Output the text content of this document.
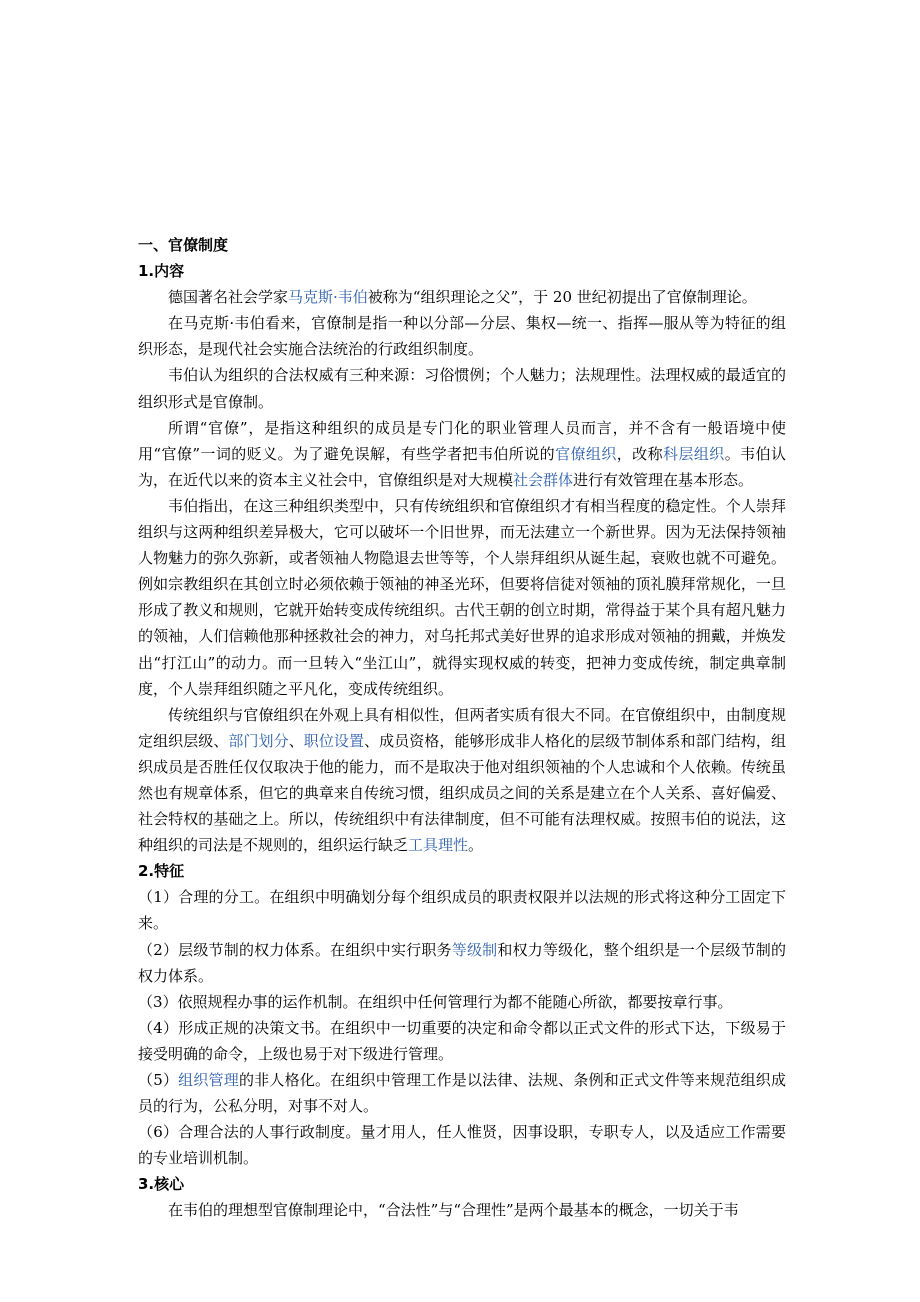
一、官僚制度
1.内容

德国著名社会学家马克斯·韦伯被称为“组织理论之父”，于 20 世纪初提出了官僚制理论。

在马克斯·韦伯看来，官僚制是指一种以分部—分层、集权—统一、指挥—服从等为特征的组织形态，是现代社会实施合法统治的行政组织制度。

韦伯认为组织的合法权威有三种来源：习俗惯例；个人魅力；法规理性。法理权威的最适宜的组织形式是官僚制。

所谓“官僚”，是指这种组织的成员是专门化的职业管理人员而言，并不含有一般语境中使用“官僚”一词的贬义。为了避免误解，有些学者把韦伯所说的官僚组织，改称科层组织。韦伯认为，在近代以来的资本主义社会中，官僚组织是对大规模社会群体进行有效管理在基本形态。

韦伯指出，在这三种组织类型中，只有传统组织和官僚组织才有相当程度的稳定性。个人崇拜组织与这两种组织差异极大，它可以破坏一个旧世界，而无法建立一个新世界。因为无法保持领袖人物魅力的弥久弥新，或者领袖人物隐退去世等等，个人崇拜组织从诞生起，衰败也就不可避免。例如宗教组织在其创立时必须依赖于领袖的神圣光环，但要将信徒对领袖的顶礼膜拜常规化，一旦形成了教义和规则，它就开始转变成传统组织。古代王朝的创立时期，常得益于某个具有超凡魅力的领袖，人们信赖他那种拯救社会的神力，对乌托邦式美好世界的追求形成对领袖的拥戴，并焕发出“打江山”的动力。而一旦转入“坐江山”，就得实现权威的转变，把神力变成传统，制定典章制度，个人崇拜组织随之平凡化，变成传统组织。

传统组织与官僚组织在外观上具有相似性，但两者实质有很大不同。在官僚组织中，由制度规定组织层级、部门划分、职位设置、成员资格，能够形成非人格化的层级节制体系和部门结构，组织成员是否胜任仅仅取决于他的能力，而不是取决于他对组织领袖的个人忠诚和个人依赖。传统虽然也有规章体系，但它的典章来自传统习惯，组织成员之间的关系是建立在个人关系、喜好偏爱、社会特权的基础之上。所以，传统组织中有法律制度，但不可能有法理权威。按照韦伯的说法，这种组织的司法是不规则的，组织运行缺乏工具理性。

2.特征

（1）合理的分工。在组织中明确划分每个组织成员的职责权限并以法规的形式将这种分工固定下来。

（2）层级节制的权力体系。在组织中实行职务等级制和权力等级化，整个组织是一个层级节制的权力体系。

（3）依照规程办事的运作机制。在组织中任何管理行为都不能随心所欲，都要按章行事。

（4）形成正规的决策文书。在组织中一切重要的决定和命令都以正式文件的形式下达，下级易于接受明确的命令，上级也易于对下级进行管理。

（5）组织管理的非人格化。在组织中管理工作是以法律、法规、条例和正式文件等来规范组织成员的行为，公私分明，对事不对人。

（6）合理合法的人事行政制度。量才用人，任人惟贤，因事设职，专职专人，以及适应工作需要的专业培训机制。

3.核心

在韦伯的理想型官僚制理论中，“合法性”与“合理性”是两个最基本的概念，一切关于韦
